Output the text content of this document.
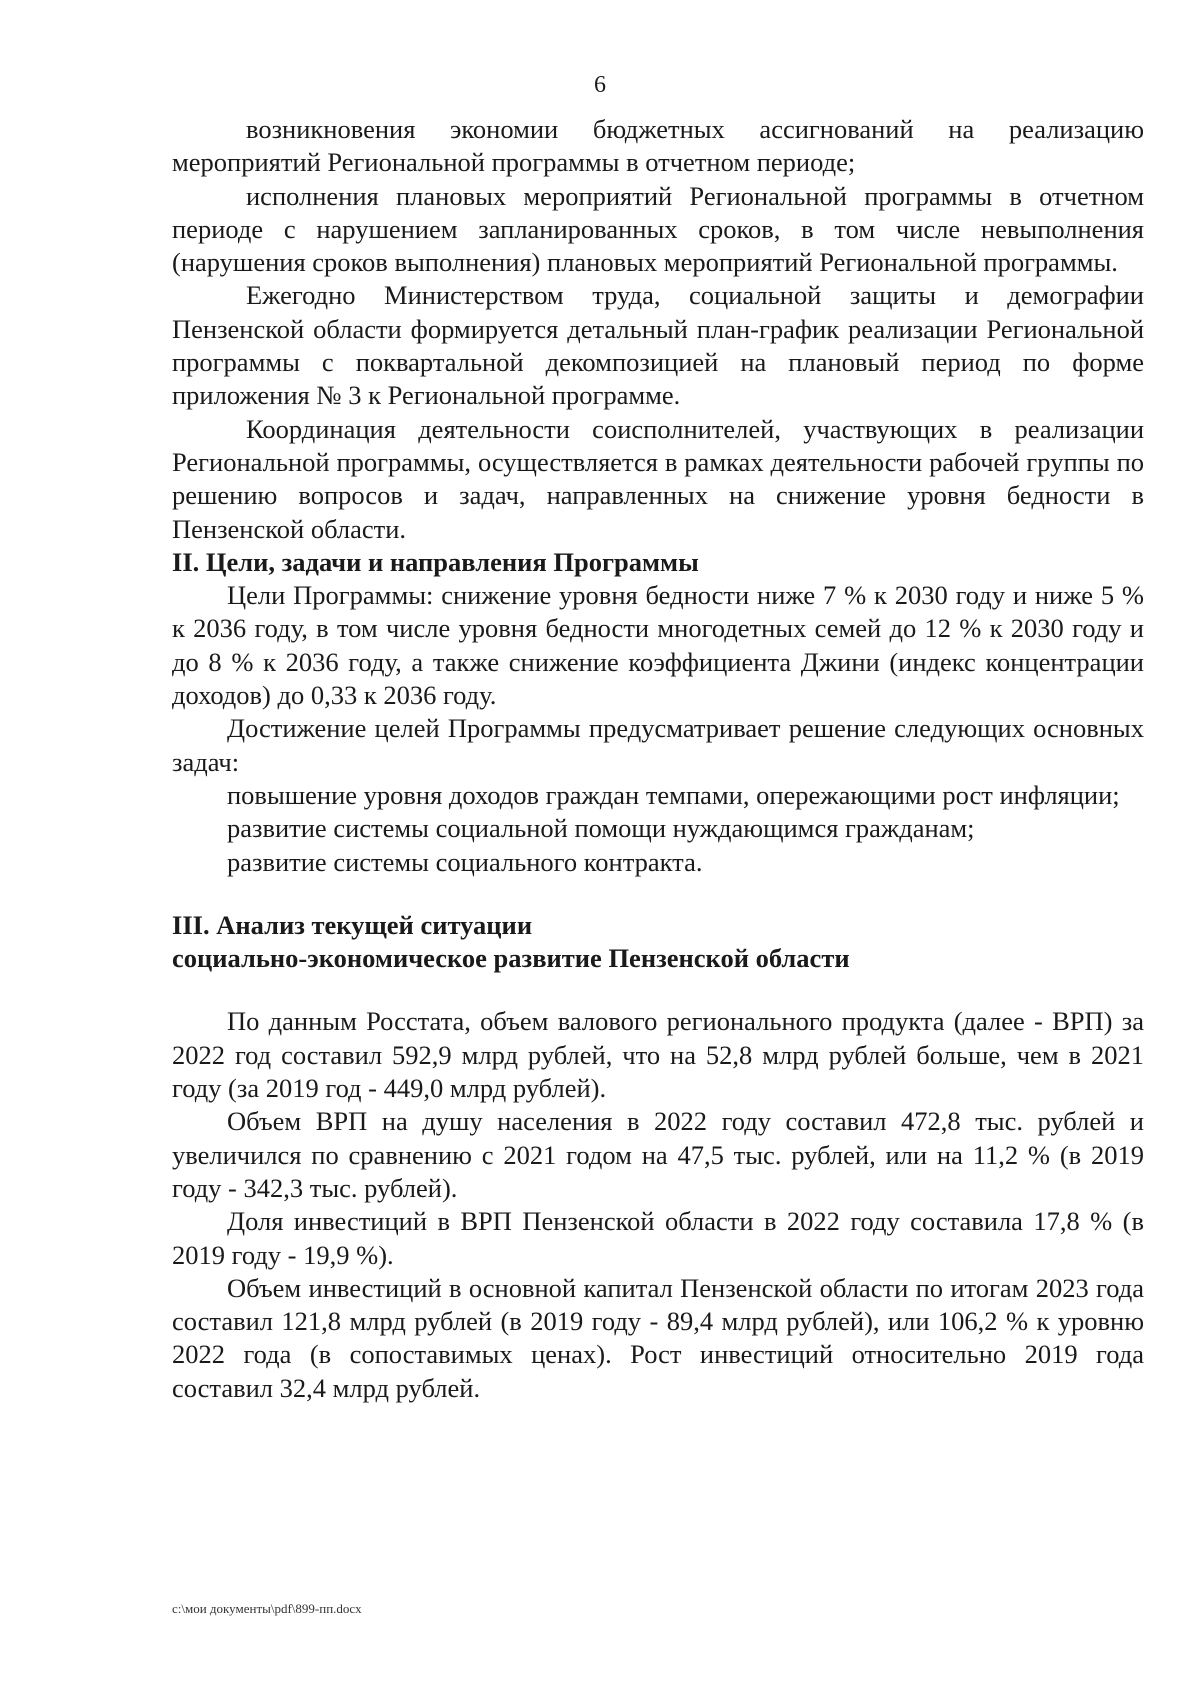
6

возникновения экономии бюджетных ассигнований на реализацию мероприятий Региональной программы в отчетном периоде;

исполнения плановых мероприятий Региональной программы в отчетном периоде с нарушением запланированных сроков, в том числе невыполнения (нарушения сроков выполнения) плановых мероприятий Региональной программы.

Ежегодно Министерством труда, социальной защиты и демографии Пензенской области формируется детальный план-график реализации Региональной программы с поквартальной декомпозицией на плановый период по форме приложения № 3 к Региональной программе.

Координация деятельности соисполнителей, участвующих в реализации Региональной программы, осуществляется в рамках деятельности рабочей группы по решению вопросов и задач, направленных на снижение уровня бедности в Пензенской области.

II. Цели, задачи и направления Программы

Цели Программы: снижение уровня бедности ниже 7 % к 2030 году и ниже 5 % к 2036 году, в том числе уровня бедности многодетных семей до 12 % к 2030 году и до 8 % к 2036 году, а также снижение коэффициента Джини (индекс концентрации доходов) до 0,33 к 2036 году.

Достижение целей Программы предусматривает решение следующих основных задач:

повышение уровня доходов граждан темпами, опережающими рост инфляции;

развитие системы социальной помощи нуждающимся гражданам;

развитие системы социального контракта.

III. Анализ текущей ситуации

социально-экономическое развитие Пензенской области

По данным Росстата, объем валового регионального продукта (далее - ВРП) за 2022 год составил 592,9 млрд рублей, что на 52,8 млрд рублей больше, чем в 2021 году (за 2019 год - 449,0 млрд рублей).

Объем ВРП на душу населения в 2022 году составил 472,8 тыс. рублей и увеличился по сравнению с 2021 годом на 47,5 тыс. рублей, или на 11,2 % (в 2019 году - 342,3 тыс. рублей).

Доля инвестиций в ВРП Пензенской области в 2022 году составила 17,8 % (в 2019 году - 19,9 %).

Объем инвестиций в основной капитал Пензенской области по итогам 2023 года составил 121,8 млрд рублей (в 2019 году - 89,4 млрд рублей), или 106,2 % к уровню 2022 года (в сопоставимых ценах). Рост инвестиций относительно 2019 года составил 32,4 млрд рублей.

c:\мои документы\pdf\899-пп.docx
